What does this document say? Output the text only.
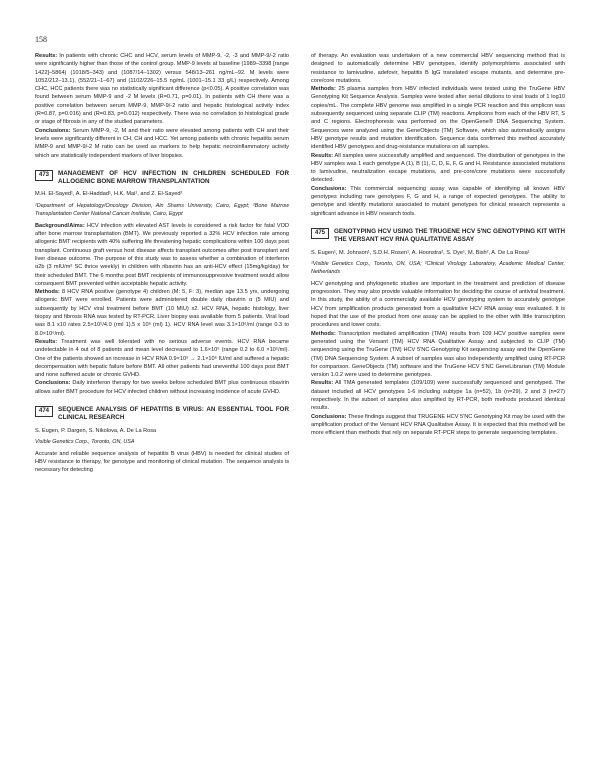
158

Results: In patients with chronic CHC and HCV, serum levels of MMP-9, -2, -3 and MMP-9/-2 ratio were significantly higher than those of the control group. MMP-9 levels at baseline (1989–3398 [range 1422]–5864) (1018/5–343) and (1087/14–1302) versus 548/13–261 ng/mL–92. M levels were 1052/212–13.1), (552/21–1–67) and (1102/226–15.5 ng/mL (1001–15.1 33 g/L) respectively. Among CHC, HCC patients there was no statistically significant difference (p<0.05). A positive correlation was found between serum MMP-9 and -2 M levels (R=0.71, p=0.01). In patients with CH there was a positive correlation between serum MMP-9, MMP-9/-2 ratio and hepatic histological activity index (R=0.87, p=0.016) and (R=0.83, p=0.012) respectively. There was no correlation to histological grade or stage of fibrosis in any of the studied parameters.

Conclusions: Serum MMP-9, -2, M and their ratio were elevated among patients with CH and their levels were significantly different in CH, CH and HCC. Yet among patients with chronic hepatitis serum MMP-9 and MMP-9/-2 M ratio can be used as markers to help hepatic necroinflammatory activity which are statistically independent markers of liver biopsies.

473	MANAGEMENT OF HCV INFECTION IN CHILDREN SCHEDULED FOR ALLOGENIC BONE MARROW TRANSPLANTATION
M.H. El-Sayed¹, A. El-Haddad¹, H.K. Mai¹, and Z. El-Sayed²
¹Department of Hepatology/Oncology Division, Ain Shams University, Cairo, Egypt; ²Bone Marrow Transplantation Center National Cancer Institute, Cairo, Egypt

Background/Aims: HCV infection with elevated AST levels is considered a risk factor for fatal VOD after bone marrow transplantation (BMT). We previously reported a 32% HCV infection rate among allogenic BMT recipients with 40% suffering life threatening hepatic complications within 100 days post transplant. Continuous graft versus host disease affects transplant outcomes after post transplant and liver disease outcome. The purpose of this study was to assess whether a combination of interferon α2b (3 mIU/m² SC thrice weekly) in children with ribavirin has an anti-HCV effect (15mg/kg/day) for their scheduled BMT. The 6 months post BMT recipients of immunosuppressive treatment would allow consequent BMT prevented within acceptable hepatic activity.

Methods: 8 HCV RNA positive (genotype 4) children (M: 5, F: 3), median age 13.5 yrs, undergoing allogenic BMT were enrolled. Patients were administered double daily ribavirin α (5 MIU) and subsequently by HCV viral treatment before BMT (10 MIU) x2. HCV RNA, hepatic histology, liver biopsy and fibrosis RNA was tested by RT-PCR. Liver biopsy was available from 5 patients. Viral load was 8.1 x10 rates 2.5×10⁵/4.0 (rml 1).5 x 10⁶ (ml) 1). HCV RNA level was 3.1×10⁶/ml (range 0.3 to 8.0×10⁶/ml).

Results: Treatment was well tolerated with no serious adverse events. HCV RNA became undetectable in 4 out of 8 patients and mean level decreased to 1.6×10⁵ (range 0.2 to 6.0 ×10⁵/ml). One of the patients showed an increase in HCV RNA 0.9×10⁶ → 2.1×10⁶ IU/ml and suffered a hepatic decompensation with hepatic failure before BMT. All other patients had uneventful 100 days post BMT and none suffered acute or chronic GVHD.

Conclusions: Daily interferon therapy for two weeks before scheduled BMT plus continuous ribavirin allows safer BMT procedure for HCV infected children without increasing incidence of acute GVHD.

474	SEQUENCE ANALYSIS OF HEPATITIS B VIRUS: AN ESSENTIAL TOOL FOR CLINICAL RESEARCH
S. Eugen, P. Dargen, S. Nikolova, A. De La Rosa
Visible Genetics Corp., Toronto, ON, USA

Accurate and reliable sequence analysis of hepatitis B virus (HBV) is needed for clinical studies of HBV resistance to therapy, for genotype and monitoring of clinical mutation. The sequence analysis is necessary for detecting

of therapy. An evaluation was undertaken of a new commercial HBV sequencing method that is designed to automatically determine HBV genotypes, identify polymorphisms associated with resistance to lamivudine, adefovir, hepatitis B IgG translated escape mutants, and determine pre-core/core mutations.

Methods: 25 plasma samples from HBV infected individuals were tested using the TruGene HBV Genotyping Kit Sequence Analysis. Samples were tested after serial dilutions to viral loads of 1 log10 copies/mL. The complete HBV genome was amplified in a single PCR reaction and this amplicon was subsequently sequenced using separate CLIP (TM) reactions. Amplicons from each of the HBV RT, S and C regions. Electrophoresis was performed on the OpenGene® DNA Sequencing System. Sequences were analyzed using the GeneObjects (TM) Software, which also automatically assigns HBV genotype results and mutation identification. Sequence data confirmed this method accurately identified HBV genotypes and drug-resistance mutations on all samples.

Results: All samples were successfully amplified and sequenced. The distribution of genotypes in the HBV samples was 1 each genotype A (1), B (1), C, D, E, F, G and H. Resistance associated mutations to lamivudine, neutralization escape mutations, and pre-core/core mutations were successfully detected.

Conclusions: This commercial sequencing assay was capable of identifying all known HBV genotypes including rare genotypes F, G and H, a range of expected genotypes. The ability to genotype and identify mutations associated to mutant genotypes for clinical research represents a significant advance in HBV research tools.

475	GENOTYPING HCV USING THE TRUGENE HCV 5'NC GENOTYPING KIT WITH THE VERSANT HCV RNA QUALITATIVE ASSAY
S. Eugen¹, M. Johnson¹, S.D.H. Rosen¹, A. Hoonstra², S. Dye¹, M. Bish², A. De La Rosa¹
¹Visible Genetics Corp., Toronto, ON, USA; ²Clinical Virology Laboratory, Academic Medical Center, Netherlands

HCV genotyping and phylogenetic studies are important in the treatment and prediction of disease progression. They may also provide valuable information for deciding the course of antiviral treatment. In this study, the ability of a commercially available HCV genotyping system to accurately genotype HCV from amplification products generated from a qualitative HCV RNA assay was evaluated. It is hoped that the use of the product from one assay can be applied to the other with little transcription procedures and lower costs.

Methods: Transcription mediated amplification (TMA) results from 109 HCV positive samples were generated using the Versant (TM) HCV RNA Qualitative Assay and subjected to CLIP (TM) sequencing using the TruGene (TM) HCV 5'NC Genotyping Kit sequencing assay and the OpenGene (TM) DNA Sequencing System. A subset of samples was also independently amplified using RT-PCR for comparison. GeneObjects (TM) software and the TruGene HCV 5'NC GeneLibrarian (TM) Module version 1.0.2 were used to determine genotypes.

Results: All TMA generated templates (109/109) were successfully sequenced and genotyped. The dataset included all HCV genotypes 1-6 including subtype 1a (n=52), 1b (n=29), 2 and 3 (n=27) respectively. In the subset of samples also amplified by RT-PCR, both methods produced identical results.

Conclusions: These findings suggest that TRUGENE HCV 5'NC Genotyping Kit may be used with the amplification product of the Versant HCV RNA Qualitative Assay. It is expected that this method will be more efficient than methods that rely on separate RT-PCR steps to generate sequencing templates.
